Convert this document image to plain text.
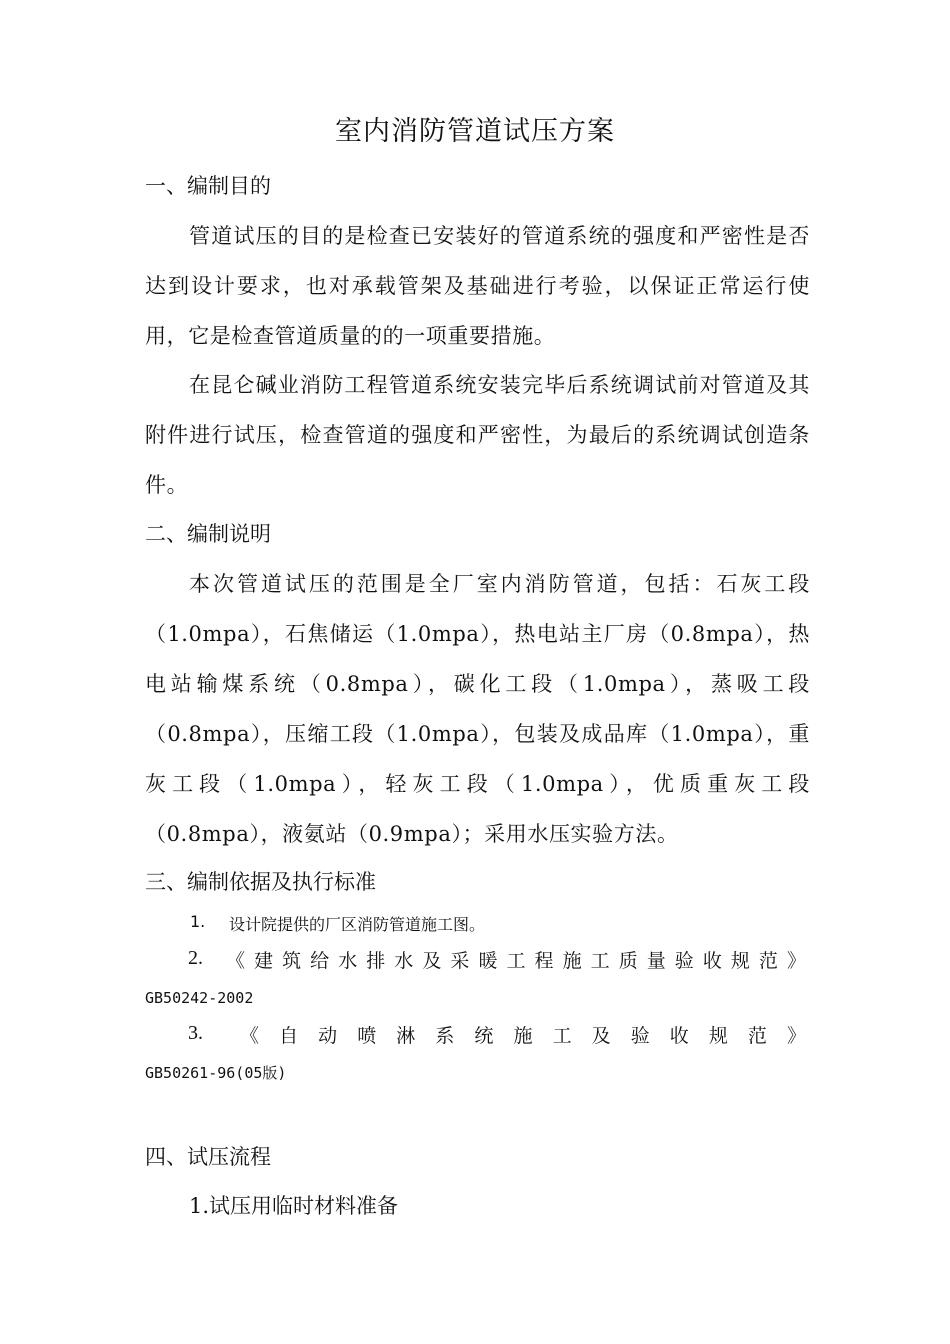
室内消防管道试压方案
一、编制目的
管道试压的目的是检查已安装好的管道系统的强度和严密性是否达到设计要求，也对承载管架及基础进行考验，以保证正常运行使用，它是检查管道质量的的一项重要措施。
在昆仑碱业消防工程管道系统安装完毕后系统调试前对管道及其附件进行试压，检查管道的强度和严密性，为最后的系统调试创造条件。
二、编制说明
本次管道试压的范围是全厂室内消防管道，包括：石灰工段（1.0mpa），石焦储运（1.0mpa），热电站主厂房（0.8mpa），热电站输煤系统（0.8mpa），碳化工段（1.0mpa），蒸吸工段（0.8mpa），压缩工段（1.0mpa），包装及成品库（1.0mpa），重灰工段（1.0mpa），轻灰工段（1.0mpa），优质重灰工段（0.8mpa），液氨站（0.9mpa）；采用水压实验方法。
三、编制依据及执行标准
1.	设计院提供的厂区消防管道施工图。
2. 《建筑给水排水及采暖工程施工质量验收规范》
GB50242-2002
3. 《自动喷淋系统施工及验收规范》
GB50261-96(05版)
四、试压流程
1.试压用临时材料准备
